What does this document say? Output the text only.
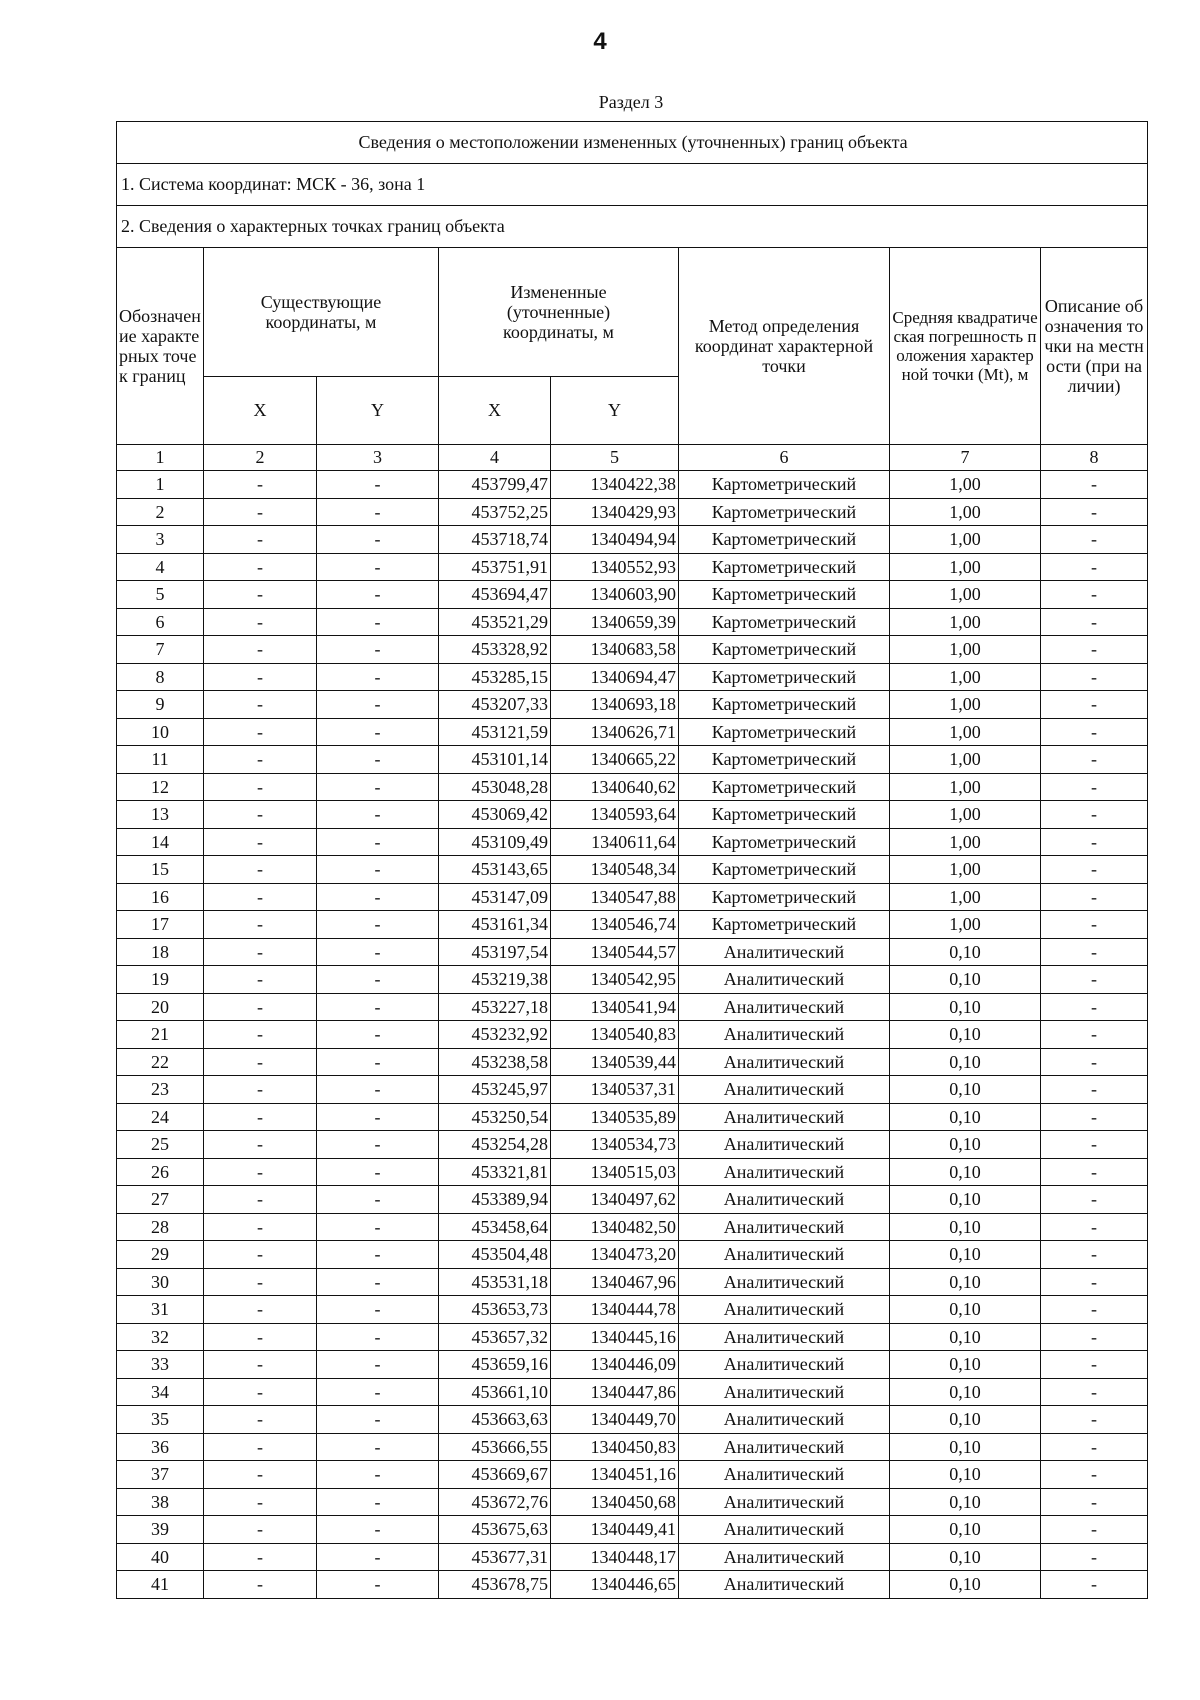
4
Раздел 3
Сведения о местоположении измененных (уточненных) границ объекта							
1. Система координат: МСК - 36, зона 1							
2. Сведения о характерных точках границ объекта							
Обозначение характерных точек границ	Существующие координаты, м		Измененные (уточненные) координаты, м		Метод определения координат характерной точки	Средняя квадратическая погрешность положения характерной точки (Mt), м	Описание обозначения точки на местности (при наличии)
	X	Y	X	Y			
1	2	3	4	5	6	7	8
1	-	-	453799,47	1340422,38	Картометрический	1,00	-
2	-	-	453752,25	1340429,93	Картометрический	1,00	-
3	-	-	453718,74	1340494,94	Картометрический	1,00	-
4	-	-	453751,91	1340552,93	Картометрический	1,00	-
5	-	-	453694,47	1340603,90	Картометрический	1,00	-
6	-	-	453521,29	1340659,39	Картометрический	1,00	-
7	-	-	453328,92	1340683,58	Картометрический	1,00	-
8	-	-	453285,15	1340694,47	Картометрический	1,00	-
9	-	-	453207,33	1340693,18	Картометрический	1,00	-
10	-	-	453121,59	1340626,71	Картометрический	1,00	-
11	-	-	453101,14	1340665,22	Картометрический	1,00	-
12	-	-	453048,28	1340640,62	Картометрический	1,00	-
13	-	-	453069,42	1340593,64	Картометрический	1,00	-
14	-	-	453109,49	1340611,64	Картометрический	1,00	-
15	-	-	453143,65	1340548,34	Картометрический	1,00	-
16	-	-	453147,09	1340547,88	Картометрический	1,00	-
17	-	-	453161,34	1340546,74	Картометрический	1,00	-
18	-	-	453197,54	1340544,57	Аналитический	0,10	-
19	-	-	453219,38	1340542,95	Аналитический	0,10	-
20	-	-	453227,18	1340541,94	Аналитический	0,10	-
21	-	-	453232,92	1340540,83	Аналитический	0,10	-
22	-	-	453238,58	1340539,44	Аналитический	0,10	-
23	-	-	453245,97	1340537,31	Аналитический	0,10	-
24	-	-	453250,54	1340535,89	Аналитический	0,10	-
25	-	-	453254,28	1340534,73	Аналитический	0,10	-
26	-	-	453321,81	1340515,03	Аналитический	0,10	-
27	-	-	453389,94	1340497,62	Аналитический	0,10	-
28	-	-	453458,64	1340482,50	Аналитический	0,10	-
29	-	-	453504,48	1340473,20	Аналитический	0,10	-
30	-	-	453531,18	1340467,96	Аналитический	0,10	-
31	-	-	453653,73	1340444,78	Аналитический	0,10	-
32	-	-	453657,32	1340445,16	Аналитический	0,10	-
33	-	-	453659,16	1340446,09	Аналитический	0,10	-
34	-	-	453661,10	1340447,86	Аналитический	0,10	-
35	-	-	453663,63	1340449,70	Аналитический	0,10	-
36	-	-	453666,55	1340450,83	Аналитический	0,10	-
37	-	-	453669,67	1340451,16	Аналитический	0,10	-
38	-	-	453672,76	1340450,68	Аналитический	0,10	-
39	-	-	453675,63	1340449,41	Аналитический	0,10	-
40	-	-	453677,31	1340448,17	Аналитический	0,10	-
41	-	-	453678,75	1340446,65	Аналитический	0,10	-
